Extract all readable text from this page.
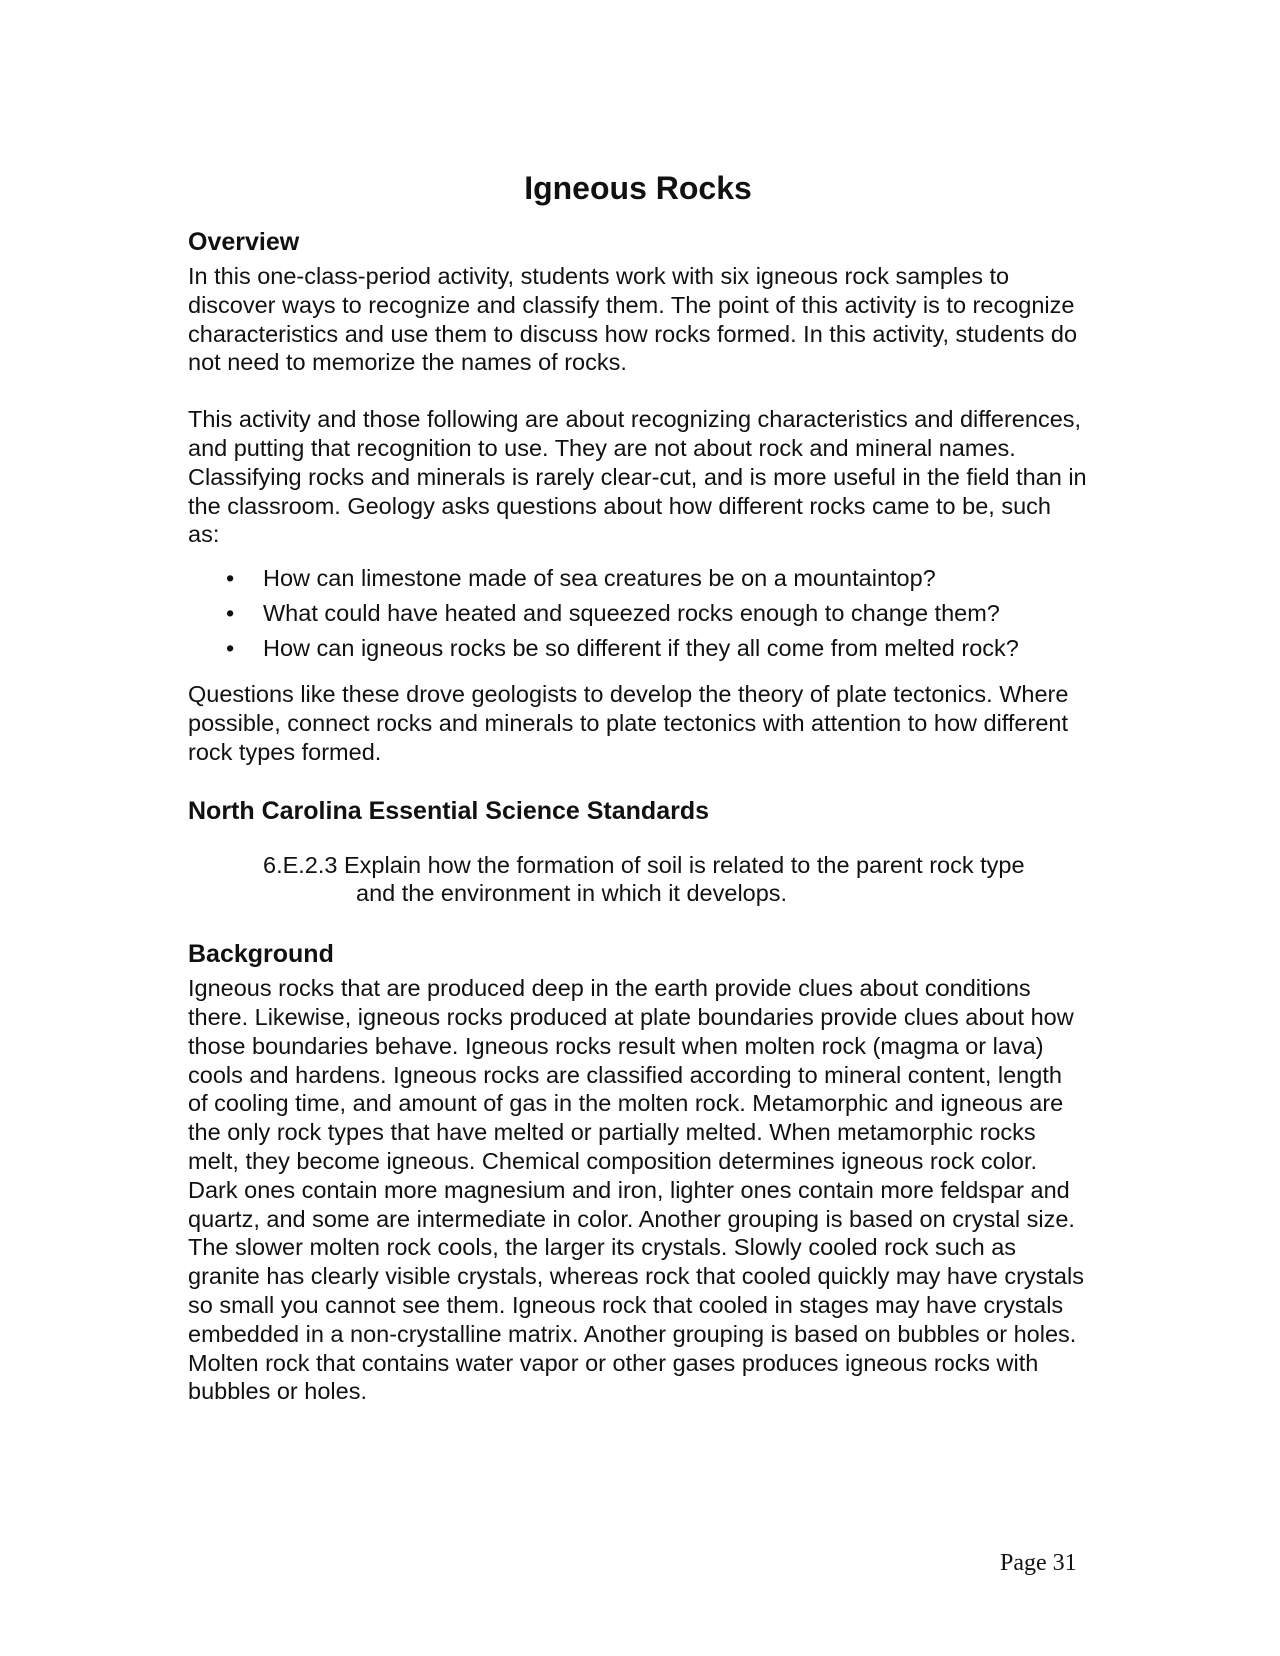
Igneous Rocks
Overview

In this one-class-period activity, students work with six igneous rock samples to discover ways to recognize and classify them. The point of this activity is to recognize characteristics and use them to discuss how rocks formed. In this activity, students do not need to memorize the names of rocks.

This activity and those following are about recognizing characteristics and differences, and putting that recognition to use. They are not about rock and mineral names. Classifying rocks and minerals is rarely clear-cut, and is more useful in the field than in the classroom. Geology asks questions about how different rocks came to be, such as:

• How can limestone made of sea creatures be on a mountaintop?
• What could have heated and squeezed rocks enough to change them?
• How can igneous rocks be so different if they all come from melted rock?

Questions like these drove geologists to develop the theory of plate tectonics. Where possible, connect rocks and minerals to plate tectonics with attention to how different rock types formed.

North Carolina Essential Science Standards

6.E.2.3 Explain how the formation of soil is related to the parent rock type
and the environment in which it develops.

Background

Igneous rocks that are produced deep in the earth provide clues about conditions there. Likewise, igneous rocks produced at plate boundaries provide clues about how those boundaries behave. Igneous rocks result when molten rock (magma or lava) cools and hardens. Igneous rocks are classified according to mineral content, length of cooling time, and amount of gas in the molten rock. Metamorphic and igneous are the only rock types that have melted or partially melted. When metamorphic rocks melt, they become igneous. Chemical composition determines igneous rock color. Dark ones contain more magnesium and iron, lighter ones contain more feldspar and quartz, and some are intermediate in color. Another grouping is based on crystal size. The slower molten rock cools, the larger its crystals. Slowly cooled rock such as granite has clearly visible crystals, whereas rock that cooled quickly may have crystals so small you cannot see them. Igneous rock that cooled in stages may have crystals embedded in a non-crystalline matrix. Another grouping is based on bubbles or holes. Molten rock that contains water vapor or other gases produces igneous rocks with bubbles or holes.

Page 31
